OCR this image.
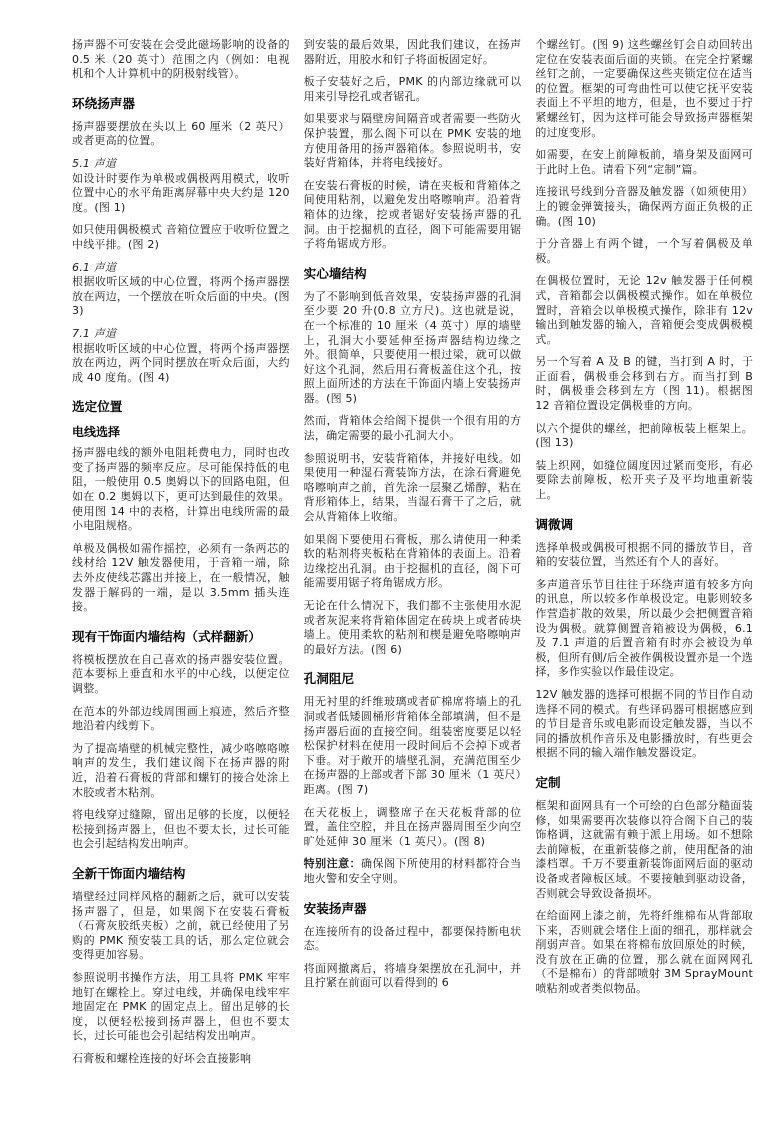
扬声器不可安装在会受此磁场影响的设备的 0.5 米（20 英寸）范围之内（例如：电视机和个人计算机中的阴极射线管）。

环绕扬声器

扬声器要摆放在头以上 60 厘米（2 英尺）或者更高的位置。

5.1 声道
如设计时要作为单极或偶极两用模式，收听位置中心的水平角距离屏幕中央大约是 120 度。(图 1)

如只使用偶极模式 音箱位置应于收听位置之中线平排。(图 2)

6.1 声道
根据收听区域的中心位置，将两个扬声器摆放在两边，一个摆放在听众后面的中央。(图 3)

7.1 声道
根据收听区域的中心位置，将两个扬声器摆放在两边，两个同时摆放在听众后面，大约成 40 度角。(图 4)

选定位置
电线选择

扬声器电线的额外电阻耗费电力，同时也改变了扬声器的频率反应。尽可能保持低的电阻，一般使用 0.5 奥姆以下的回路电阻，但如在 0.2 奥姆以下，更可达到最佳的效果。使用图 14 中的表格，计算出电线所需的最小电阻规格。

单极及偶极如需作摇控，必须有一条两芯的线材给 12V 触发器使用，于音箱一端，除去外皮使线芯露出并接上，在一般情况，触发器于解码的一端，是以 3.5mm 插头连接。

现有干饰面内墙结构（式样翻新）

将模板摆放在自己喜欢的扬声器安装位置。范本要标上垂直和水平的中心线，以便定位调整。

在范本的外部边线周围画上痕迹，然后齐整地沿着内线剪下。

为了提高墙壁的机械完整性，减少咯嚓咯嚓响声的发生，我们建议阁下在扬声器的附近，沿着石膏板的背部和螺钉的接合处涂上木胶或者木粘剂。

将电线穿过缝隙，留出足够的长度，以便轻松接到扬声器上，但也不要太长，过长可能也会引起结构发出响声。

全新干饰面内墙结构

墙壁经过同样风格的翻新之后，就可以安装扬声器了，但是，如果阁下在安装石膏板（石膏灰胶纸夹板）之前，就已经使用了另购的 PMK 预安装工具的话，那么定位就会变得更加容易。

参照说明书操作方法，用工具将 PMK 牢牢地钉在螺栓上。穿过电线，并确保电线牢牢地固定在 PMK 的固定点上。留出足够的长度，以便轻松接到扬声器上，但也不要太长，过长可能也会引起结构发出响声。

石膏板和螺栓连接的好坏会直接影响

到安装的最后效果，因此我们建议，在扬声器附近，用胶水和钉子将面板固定好。

板子安装好之后，PMK 的内部边缘就可以用来引导挖孔或者锯孔。

如果要求与隔壁房间隔音或者需要一些防火保护装置，那么阁下可以在 PMK 安装的地方使用备用的扬声器箱体。参照说明书，安装好背箱体，并将电线接好。

在安装石膏板的时候，请在夹板和背箱体之间使用粘剂，以避免发出咯嚓响声。沿着背箱体的边缘，挖或者锯好安装扬声器的孔洞。由于挖掘机的直径，阁下可能需要用锯子将角锯成方形。

实心墙结构

为了不影响到低音效果，安装扬声器的孔洞至少要 20 升(0.8 立方尺)。这也就是说，在一个标准的 10 厘米（4 英寸）厚的墙壁上，孔洞大小要延伸至扬声器结构边缘之外。很简单，只要使用一根过梁，就可以做好这个孔洞，然后用石膏板盖住这个孔，按照上面所述的方法在干饰面内墙上安装扬声器。(图 5)

然而，背箱体会给阁下提供一个很有用的方法，确定需要的最小孔洞大小。

参照说明书，安装背箱体，并接好电线。如果使用一种湿石膏装饰方法，在涂石膏避免咯嚓响声之前，首先涂一层聚乙烯醇，粘在背形箱体上，结果，当湿石膏干了之后，就会从背箱体上收缩。

如果阁下要使用石膏板，那么请使用一种柔软的粘剂将夹板粘在背箱体的表面上。沿着边缘挖出孔洞。由于挖掘机的直径，阁下可能需要用锯子将角锯成方形。

无论在什么情况下，我们都不主张使用水泥或者灰泥来将背箱体固定在砖块上或者砖块墙上。使用柔软的粘剂和楔是避免咯嚓响声的最好方法。(图 6)

孔洞阻尼

用无衬里的纤维玻璃或者矿棉席将墙上的孔洞或者低矮圆桶形背箱体全部填满，但不是扬声器后面的直接空间。组装密度要足以轻松保护材料在使用一段时间后不会掉下或者下垂。对于敞开的墙壁孔洞，充满范围至少在扬声器的上部或者下部 30 厘米（1 英尺）距离。(图 7)

在天花板上，调整席子在天花板背部的位置，盖住空腔，并且在扬声器周围至少向空旷处延伸 30 厘米（1 英尺）。(图 8)

特别注意：确保阁下所使用的材料都符合当地火警和安全守则。

安装扬声器

在连接所有的设备过程中，都要保持断电状态。

将面网撤离后，将墙身架摆放在孔洞中，并且拧紧在前面可以看得到的 6

个螺丝钉。(图 9) 这些螺丝钉会自动回转出定位在安装表面后面的夹锁。在完全拧紧螺丝钉之前，一定要确保这些夹锁定位在适当的位置。框架的可弯曲性可以使它抚平安装表面上不平坦的地方，但是，也不要过于拧紧螺丝钉，因为这样可能会导致扬声器框架的过度变形。

如需要，在安上前障板前，墙身架及面网可于此时上色。请看下列“定制”篇。

连接讯号线到分音器及触发器（如须使用）上的镀金弹簧接头，确保两方面正负极的正确。(图 10)

于分音器上有两个键，一个写着偶极及单极。

在偶极位置时，无论 12v 触发器于任何模式，音箱都会以偶极模式操作。如在单极位置时，音箱会以单极模式操作，除非有 12v 输出到触发器的输入，音箱便会变成偶极模式。

另一个写着 A 及 B 的键，当打到 A 时，于正面看，偶极垂会移到右方。而当打到 B 时，偶极垂会移到左方（图 11)。根据图 12 音箱位置设定偶极垂的方向。

以六个提供的螺丝，把前障板装上框架上。(图 13)

装上织网，如缝位阔度因过紧而变形，有必要除去前障板，松开夹子及平均地重新装上。

调微调

选择单极或偶极可根据不同的播放节目，音箱的安装位置，当然还有个人的喜好。

多声道音乐节目往往于环绕声道有较多方向的讯息，所以较多作单极设定。电影则较多作营造扩散的效果，所以最少会把侧置音箱设为偶极。就算侧置音箱被设为偶极，6.1 及 7.1 声道的后置音箱有时亦会被设为单极，但所有侧/后全被作偶极设置亦是一个选择，多作实验以作最佳设定。

12V 触发器的选择可根据不同的节目作自动选择不同的模式。有些译码器可根据感应到的节目是音乐或电影而设定触发器，当以不同的播放机作音乐及电影播放时，有些更会根据不同的输入端作触发器设定。

定制

框架和面网具有一个可绘的白色部分糙面装修，如果需要再次装修以符合阁下自己的装饰格调，这就需有赖于派上用场。如不想除去前障板，在重新装修之前，使用配备的油漆档罩。千万不要重新装饰面网后面的驱动设备或者障板区域。不要接触到驱动设备，否则就会导致设备损坏。

在给面网上漆之前，先将纤维棉布从背部取下来，否则就会堵住上面的细孔，那样就会削弱声音。如果在将棉布放回原处的时候，没有放在正确的位置，那么就在面网网孔（不是棉布）的背部喷射 3M SprayMount 喷粘剂或者类似物品。
